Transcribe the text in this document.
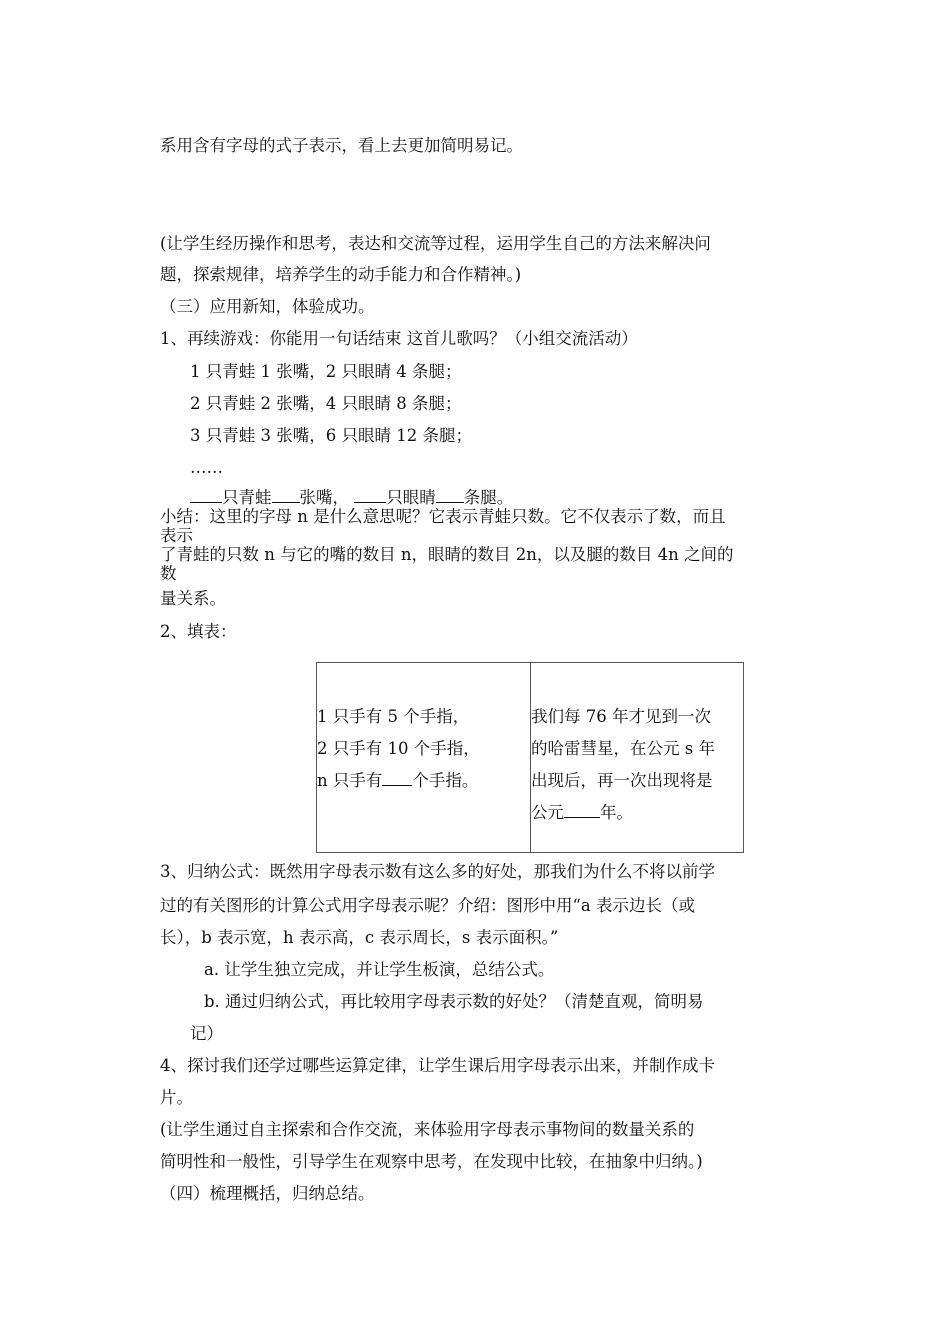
系用含有字母的式子表示，看上去更加简明易记。
(让学生经历操作和思考，表达和交流等过程，运用学生自己的方法来解决问
题，探索规律，培养学生的动手能力和合作精神。)
（三）应用新知，体验成功。
1、再续游戏：你能用一句话结束 这首儿歌吗？（小组交流活动）
1 只青蛙 1 张嘴，2 只眼睛 4 条腿；
2 只青蛙 2 张嘴，4 只眼睛 8 条腿；
3 只青蛙 3 张嘴，6 只眼睛 12 条腿；
……
只青蛙 张嘴， 只眼睛 条腿。
小结：这里的字母 n 是什么意思呢？它表示青蛙只数。它不仅表示了数，而且
表示
了青蛙的只数 n 与它的嘴的数目 n，眼睛的数目 2n，以及腿的数目 4n 之间的
数
量关系。
2、填表：
1 只手有 5 个手指，
2 只手有 10 个手指，
n 只手有 个手指。
我们每 76 年才见到一次
的哈雷彗星，在公元 s 年
出现后，再一次出现将是
公元 年。
3、归纳公式：既然用字母表示数有这么多的好处，那我们为什么不将以前学
过的有关图形的计算公式用字母表示呢？介绍：图形中用“a 表示边长（或
长），b 表示宽，h 表示高，c 表示周长，s 表示面积。”
a. 让学生独立完成，并让学生板演，总结公式。
b. 通过归纳公式，再比较用字母表示数的好处？（清楚直观，简明易
记）
4、探讨我们还学过哪些运算定律，让学生课后用字母表示出来，并制作成卡
片。
(让学生通过自主探索和合作交流，来体验用字母表示事物间的数量关系的
简明性和一般性，引导学生在观察中思考，在发现中比较，在抽象中归纳。)
（四）梳理概括，归纳总结。
